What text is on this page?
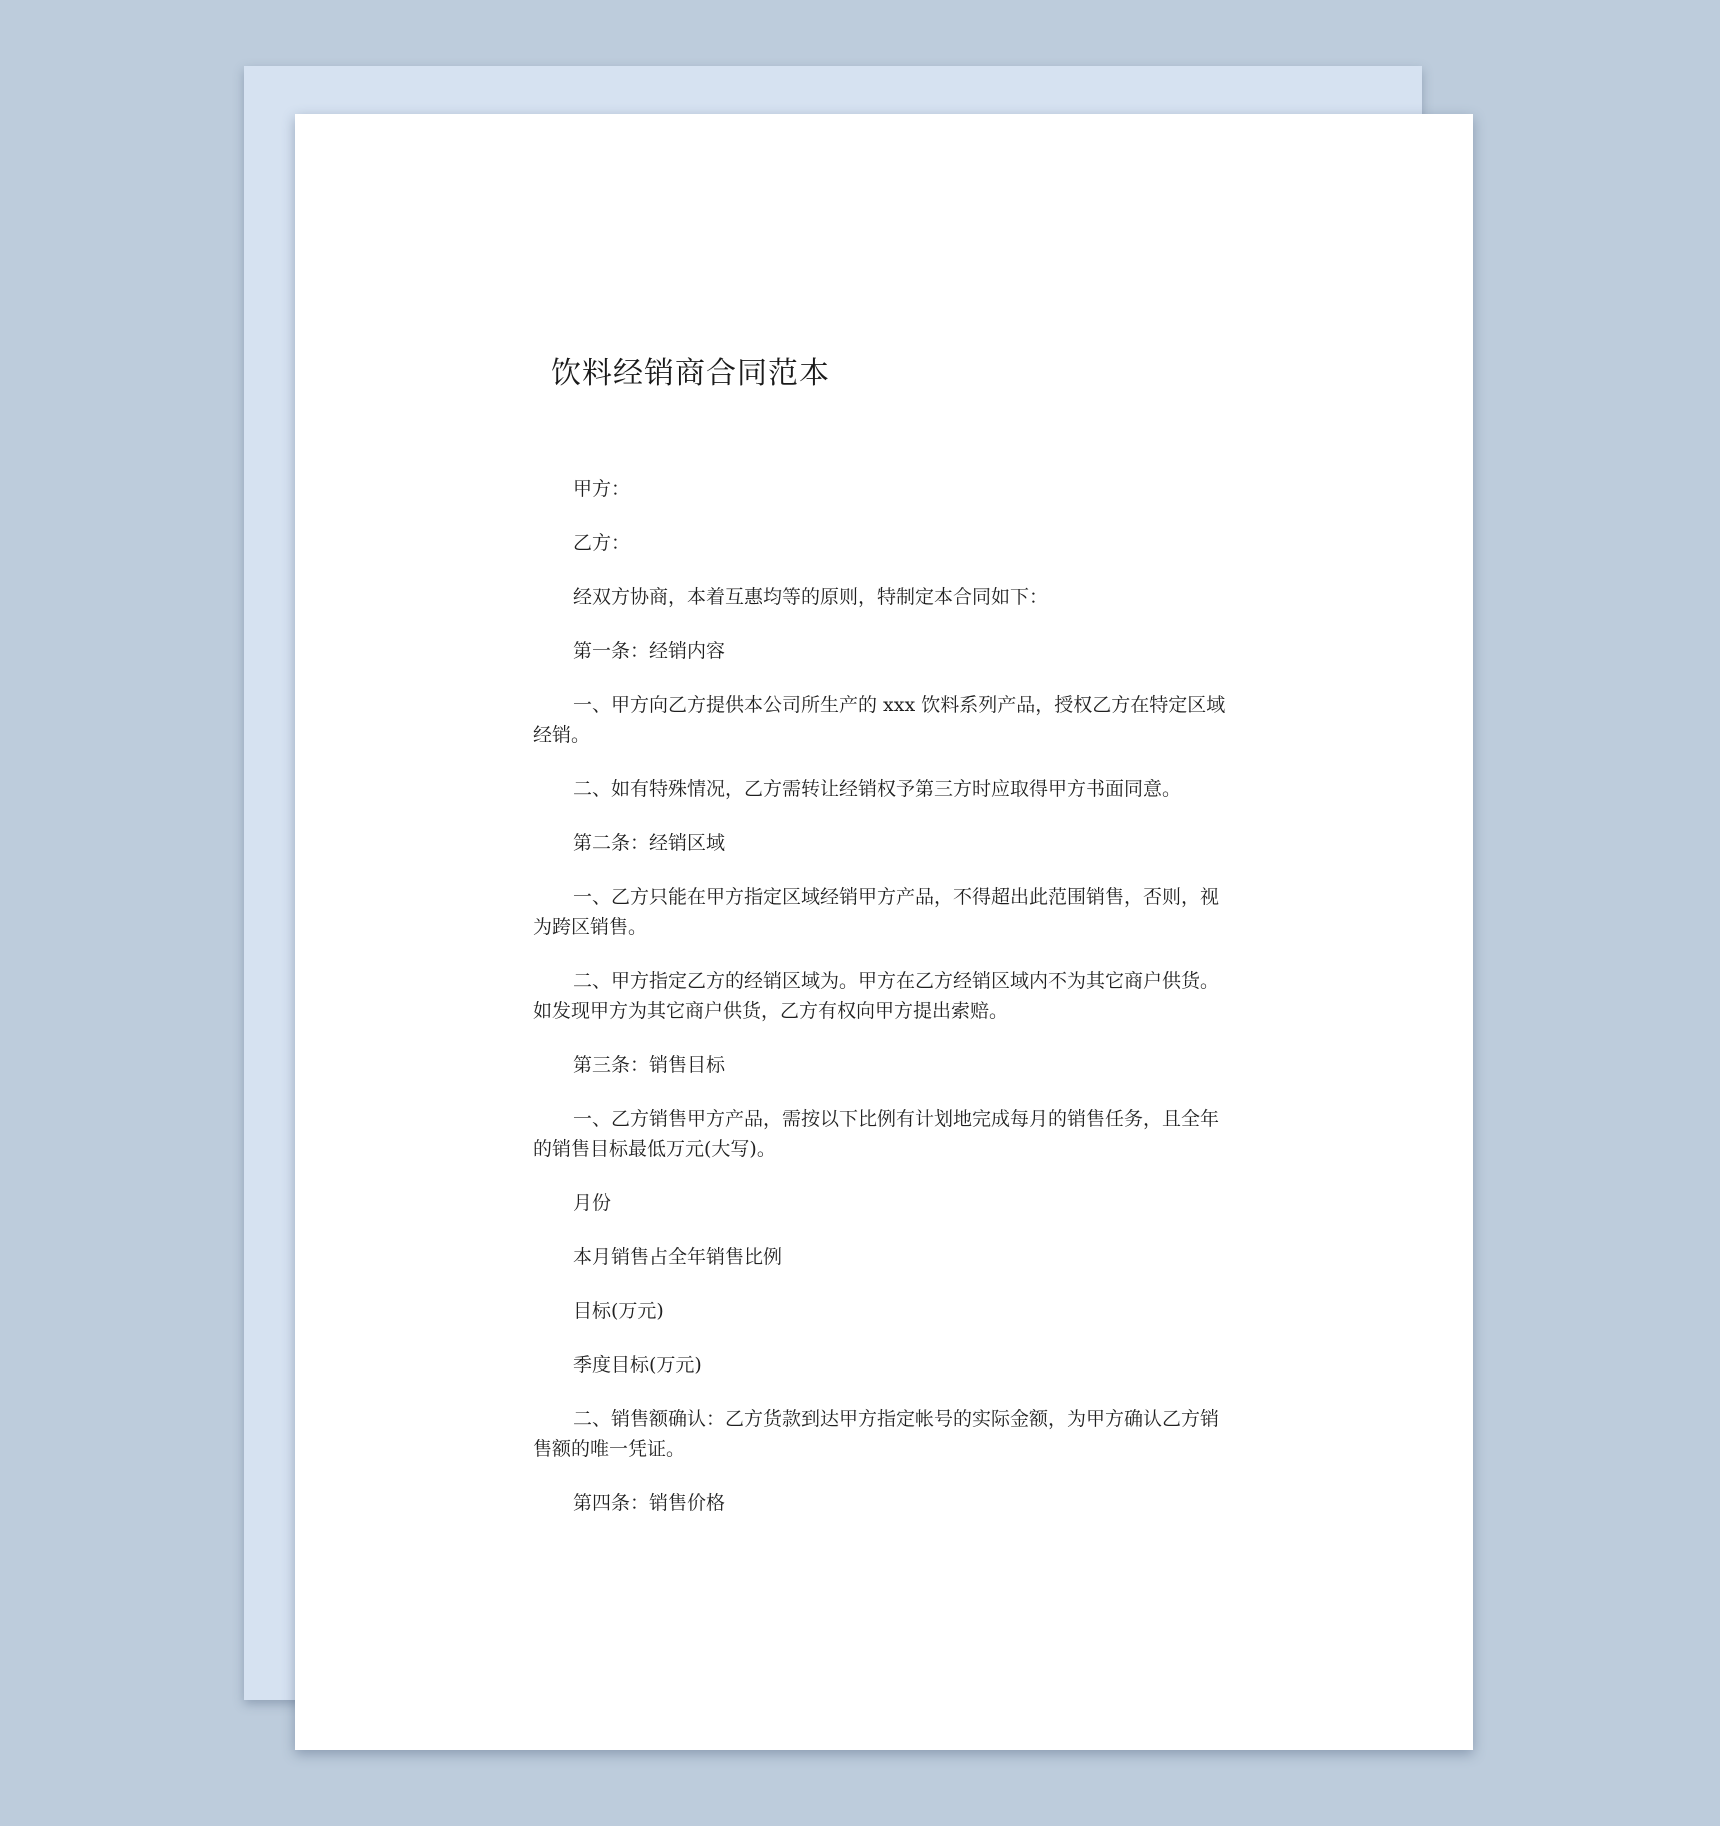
饮料经销商合同范本

甲方：

乙方：

经双方协商，本着互惠均等的原则，特制定本合同如下：

第一条：经销内容

一、甲方向乙方提供本公司所生产的 xxx 饮料系列产品，授权乙方在特定区域经销。

二、如有特殊情况，乙方需转让经销权予第三方时应取得甲方书面同意。

第二条：经销区域

一、乙方只能在甲方指定区域经销甲方产品，不得超出此范围销售，否则，视为跨区销售。

二、甲方指定乙方的经销区域为。甲方在乙方经销区域内不为其它商户供货。如发现甲方为其它商户供货，乙方有权向甲方提出索赔。

第三条：销售目标

一、乙方销售甲方产品，需按以下比例有计划地完成每月的销售任务，且全年的销售目标最低万元(大写)。

月份

本月销售占全年销售比例

目标(万元)

季度目标(万元)

二、销售额确认：乙方货款到达甲方指定帐号的实际金额，为甲方确认乙方销售额的唯一凭证。

第四条：销售价格
